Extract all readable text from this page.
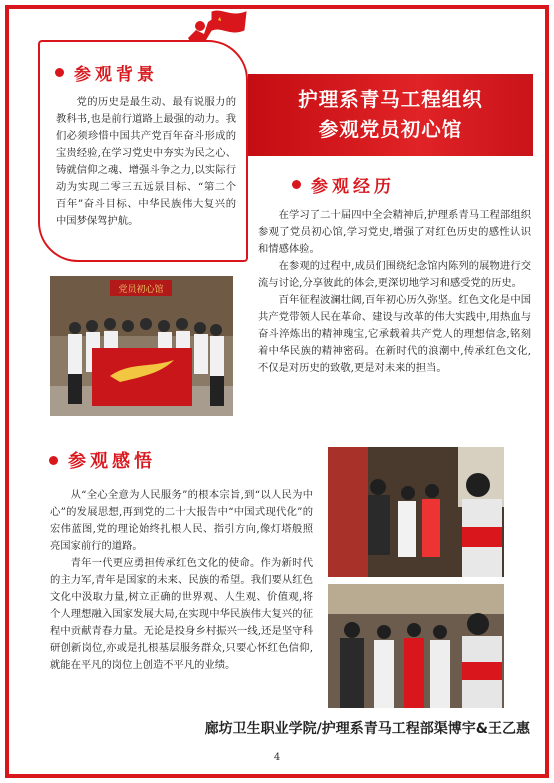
参观背景

党的历史是最生动、最有说服力的教科书,也是前行道路上最强的动力。我们必须珍惜中国共产党百年奋斗形成的宝贵经验,在学习党史中夯实为民之心、铸就信仰之魂、增强斗争之力,以实际行动为实现二零三五远景目标、“第二个百年”奋斗目标、中华民族伟大复兴的中国梦保驾护航。

护理系青马工程组织
参观党员初心馆
参观经历

在学习了二十届四中全会精神后,护理系青马工程部组织参观了党员初心馆,学习党史,增强了对红色历史的感性认识和情感体验。

在参观的过程中,成员们围绕纪念馆内陈列的展物进行交流与讨论,分享彼此的体会,更深切地学习和感受党的历史。

百年征程波澜壮阔,百年初心历久弥坚。红色文化是中国共产党带领人民在革命、建设与改革的伟大实践中,用热血与奋斗淬炼出的精神瑰宝,它承载着共产党人的理想信念,铭刻着中华民族的精神密码。在新时代的浪潮中,传承红色文化,不仅是对历史的致敬,更是对未来的担当。

党员初心馆
参观感悟

从“全心全意为人民服务”的根本宗旨,到“以人民为中心”的发展思想,再到党的二十大报告中“中国式现代化”的宏伟蓝图,党的理论始终扎根人民、指引方向,像灯塔般照亮国家前行的道路。

青年一代更应勇担传承红色文化的使命。作为新时代的主力军,青年是国家的未来、民族的希望。我们要从红色文化中汲取力量,树立正确的世界观、人生观、价值观,将个人理想融入国家发展大局,在实现中华民族伟大复兴的征程中贡献青春力量。无论是投身乡村振兴一线,还是坚守科研创新岗位,亦或是扎根基层服务群众,只要心怀红色信仰,就能在平凡的岗位上创造不平凡的业绩。

廊坊卫生职业学院/护理系青马工程部渠博宇&王乙惠
4
